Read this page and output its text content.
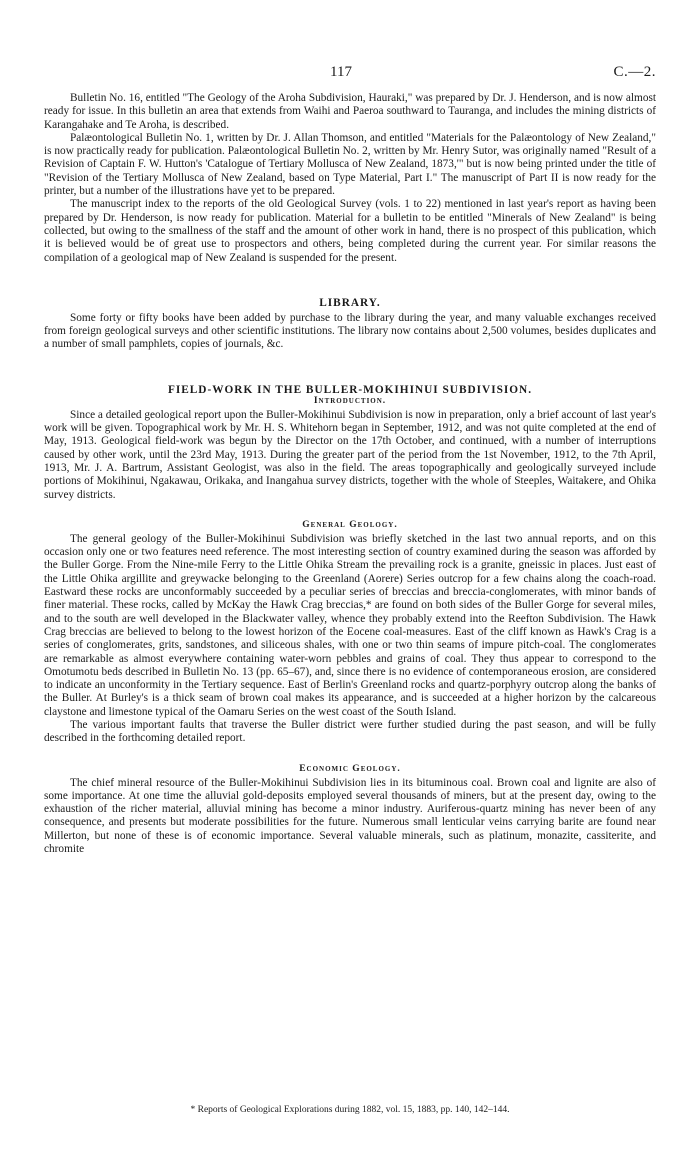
117	C.—2.

Bulletin No. 16, entitled "The Geology of the Aroha Subdivision, Hauraki," was prepared by Dr. J. Henderson, and is now almost ready for issue. In this bulletin an area that extends from Waihi and Paeroa southward to Tauranga, and includes the mining districts of Karangahake and Te Aroha, is described.

Palæontological Bulletin No. 1, written by Dr. J. Allan Thomson, and entitled "Materials for the Palæontology of New Zealand," is now practically ready for publication. Palæontological Bulletin No. 2, written by Mr. Henry Sutor, was originally named "Result of a Revision of Captain F. W. Hutton's 'Catalogue of Tertiary Mollusca of New Zealand, 1873,'" but is now being printed under the title of "Revision of the Tertiary Mollusca of New Zealand, based on Type Material, Part I." The manuscript of Part II is now ready for the printer, but a number of the illustrations have yet to be prepared.

The manuscript index to the reports of the old Geological Survey (vols. 1 to 22) mentioned in last year's report as having been prepared by Dr. Henderson, is now ready for publication. Material for a bulletin to be entitled "Minerals of New Zealand" is being collected, but owing to the smallness of the staff and the amount of other work in hand, there is no prospect of this publication, which it is believed would be of great use to prospectors and others, being completed during the current year. For similar reasons the compilation of a geological map of New Zealand is suspended for the present.

LIBRARY.

Some forty or fifty books have been added by purchase to the library during the year, and many valuable exchanges received from foreign geological surveys and other scientific institutions. The library now contains about 2,500 volumes, besides duplicates and a number of small pamphlets, copies of journals, &c.

FIELD-WORK IN THE BULLER-MOKIHINUI SUBDIVISION.
Introduction.

Since a detailed geological report upon the Buller-Mokihinui Subdivision is now in preparation, only a brief account of last year's work will be given. Topographical work by Mr. H. S. Whitehorn began in September, 1912, and was not quite completed at the end of May, 1913. Geological field-work was begun by the Director on the 17th October, and continued, with a number of interruptions caused by other work, until the 23rd May, 1913. During the greater part of the period from the 1st November, 1912, to the 7th April, 1913, Mr. J. A. Bartrum, Assistant Geologist, was also in the field. The areas topographically and geologically surveyed include portions of Mokihinui, Ngakawau, Orikaka, and Inangahua survey districts, together with the whole of Steeples, Waitakere, and Ohika survey districts.

General Geology.

The general geology of the Buller-Mokihinui Subdivision was briefly sketched in the last two annual reports, and on this occasion only one or two features need reference. The most interesting section of country examined during the season was afforded by the Buller Gorge. From the Nine-mile Ferry to the Little Ohika Stream the prevailing rock is a granite, gneissic in places. Just east of the Little Ohika argillite and greywacke belonging to the Greenland (Aorere) Series outcrop for a few chains along the coach-road. Eastward these rocks are unconformably succeeded by a peculiar series of breccias and breccia-conglomerates, with minor bands of finer material. These rocks, called by McKay the Hawk Crag breccias,* are found on both sides of the Buller Gorge for several miles, and to the south are well developed in the Blackwater valley, whence they probably extend into the Reefton Subdivision. The Hawk Crag breccias are believed to belong to the lowest horizon of the Eocene coal-measures. East of the cliff known as Hawk's Crag is a series of conglomerates, grits, sandstones, and siliceous shales, with one or two thin seams of impure pitch-coal. The conglomerates are remarkable as almost everywhere containing water-worn pebbles and grains of coal. They thus appear to correspond to the Omotumotu beds described in Bulletin No. 13 (pp. 65–67), and, since there is no evidence of contemporaneous erosion, are considered to indicate an unconformity in the Tertiary sequence. East of Berlin's Greenland rocks and quartz-porphyry outcrop along the banks of the Buller. At Burley's is a thick seam of brown coal makes its appearance, and is succeeded at a higher horizon by the calcareous claystone and limestone typical of the Oamaru Series on the west coast of the South Island.

The various important faults that traverse the Buller district were further studied during the past season, and will be fully described in the forthcoming detailed report.

Economic Geology.

The chief mineral resource of the Buller-Mokihinui Subdivision lies in its bituminous coal. Brown coal and lignite are also of some importance. At one time the alluvial gold-deposits employed several thousands of miners, but at the present day, owing to the exhaustion of the richer material, alluvial mining has become a minor industry. Auriferous-quartz mining has never been of any consequence, and presents but moderate possibilities for the future. Numerous small lenticular veins carrying barite are found near Millerton, but none of these is of economic importance. Several valuable minerals, such as platinum, monazite, cassiterite, and chromite

* Reports of Geological Explorations during 1882, vol. 15, 1883, pp. 140, 142–144.
